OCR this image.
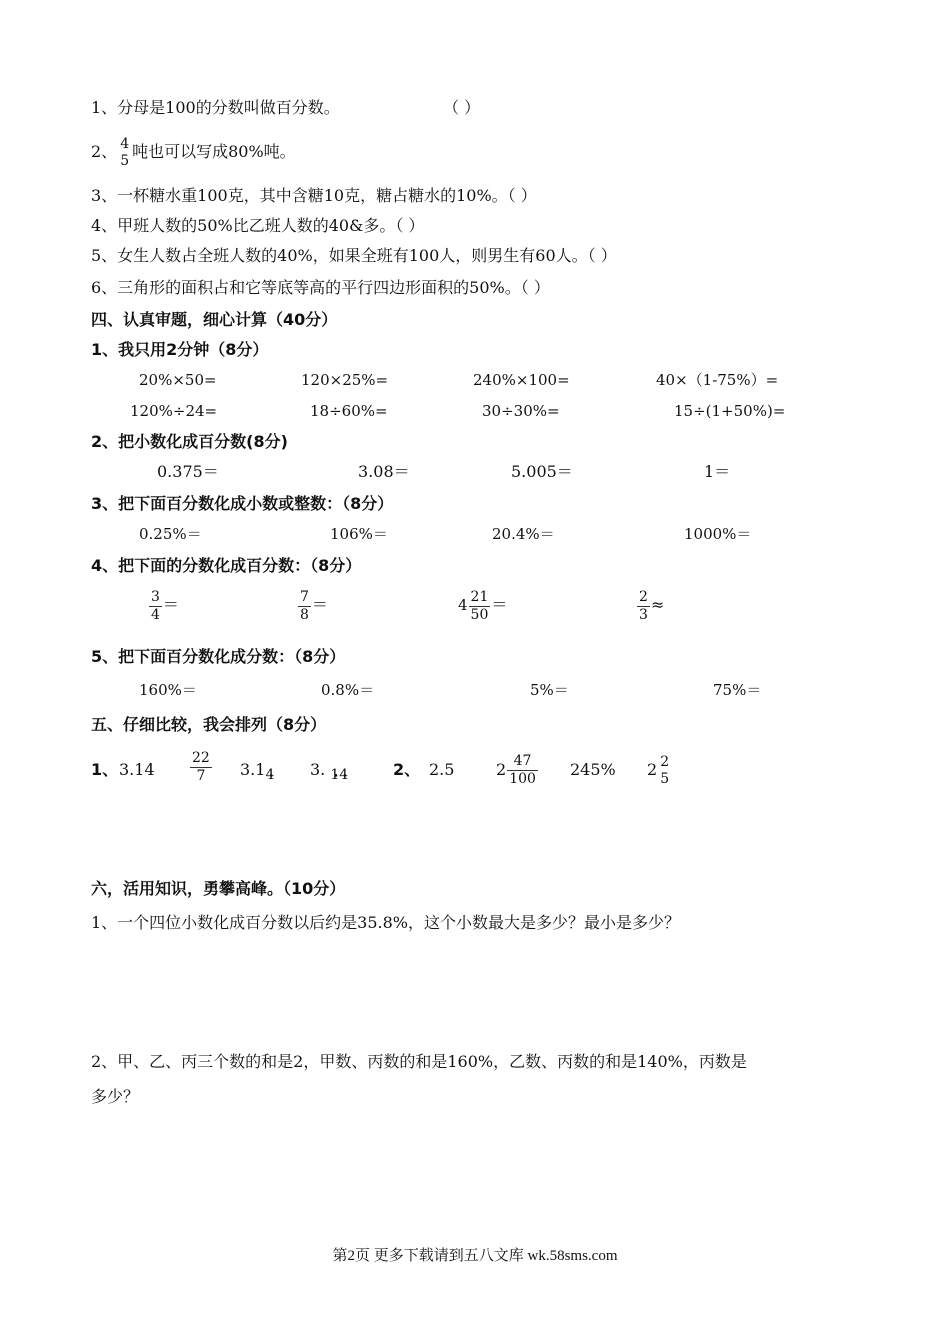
1、分母是100的分数叫做百分数。	（ ）
2、 4
5 吨也可以写成80%吨。
3、一杯糖水重100克，其中含糖10克，糖占糖水的10%。（ ）
4、甲班人数的50%比乙班人数的40&多。（ ）
5、女生人数占全班人数的40%，如果全班有100人，则男生有60人。（ ）
6、三角形的面积占和它等底等高的平行四边形面积的50%。（ ）
四、认真审题，细心计算（40分）
1、我只用2分钟（8分）
20%×50=	120×25%=	240%×100=	40×（1-75%）=
120%÷24=	18÷60%=	30÷30%=	15÷(1+50%)=
2、把小数化成百分数(8分)
0.375＝	3.08＝	5.005＝	1＝
3、把下面百分数化成小数或整数：（8分）
0.25%＝	106%＝	20.4%＝	1000%＝
4、把下面的分数化成百分数：（8分）
$\frac{3}{4}$ ＝	$\frac{7}{8}$ ＝	$4 \frac{21}{50}$ ＝	$\frac{2}{3}$ ≈
5、把下面百分数化成分数：（8分）
160%＝	0.8%＝	5%＝	75%＝
五、仔细比较，我会排列（8分）
1、 3.14	$\frac{22}{7}$ 3.1• 4 3. • 1• 4	2、 2.5	$2 \frac{47}{100} 245\%$ 2 2
5
六，活用知识，勇攀高峰。（10分）
1、一个四位小数化成百分数以后约是35.8%，这个小数最大是多少？最小是多少？
2、甲、乙、丙三个数的和是2，甲数、丙数的和是160%，乙数、丙数的和是140%，丙数是
多少？
第2页 更多下载请到五八文库 wk.58sms.com
